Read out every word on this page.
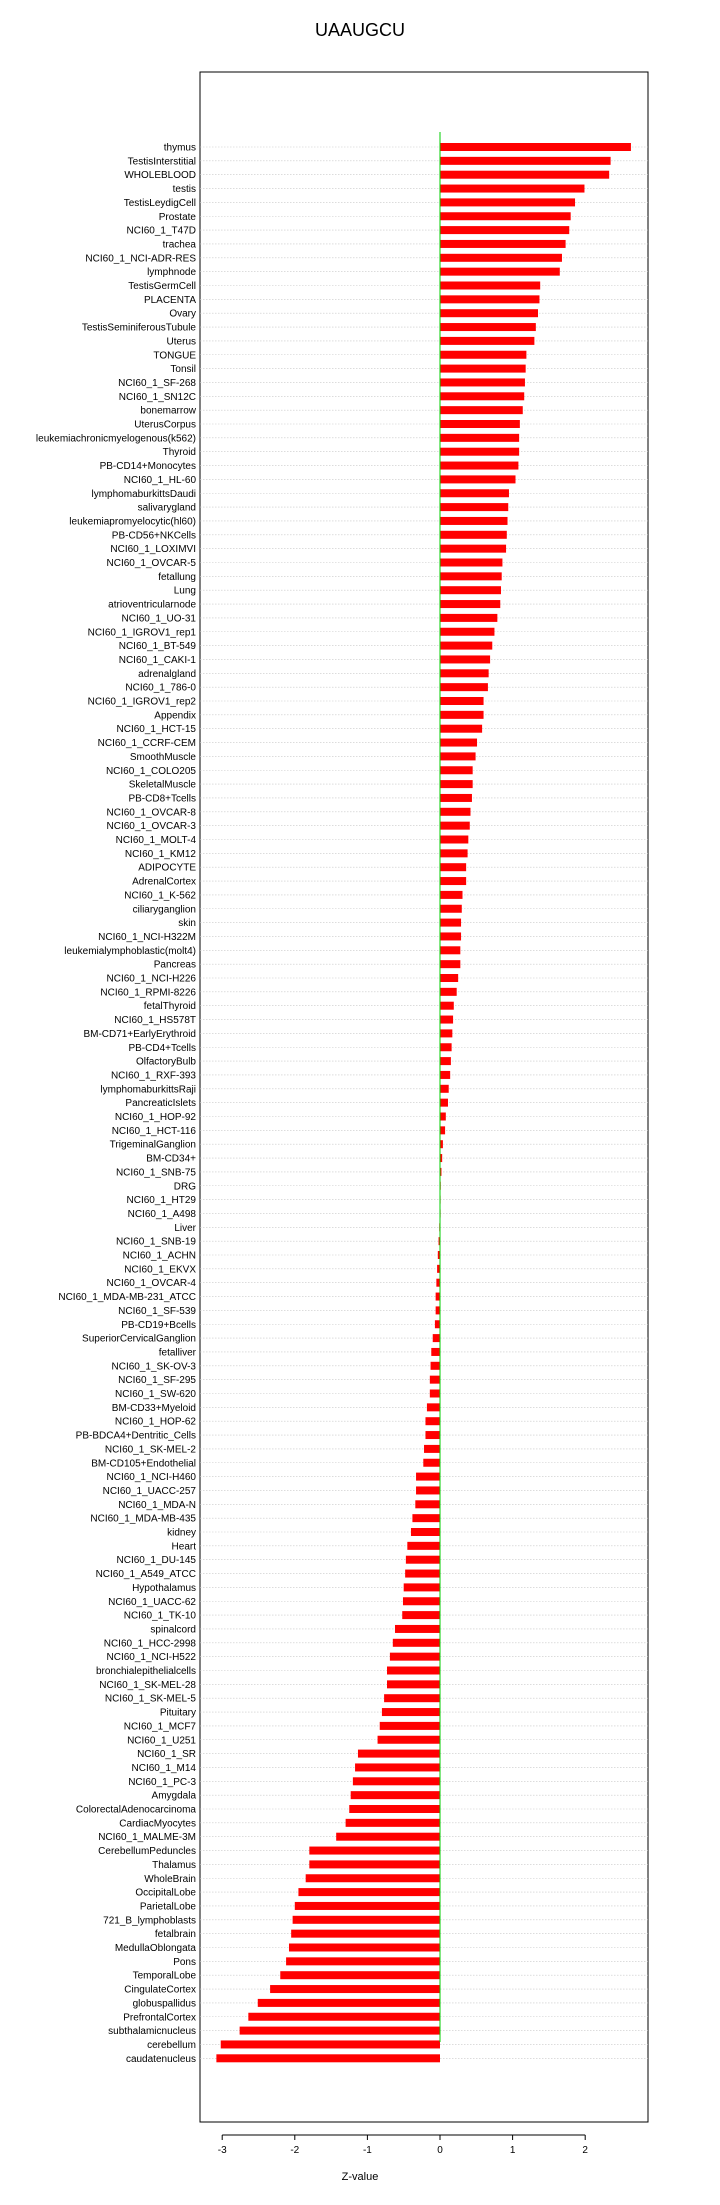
UAAUGCU
thymus
TestisInterstitial
WHOLEBLOOD
testis
TestisLeydigCell
Prostate
NCI60_1_T47D
trachea
NCI60_1_NCI-ADR-RES
lymphnode
TestisGermCell
PLACENTA
Ovary
TestisSeminiferousTubule
Uterus
TONGUE
Tonsil
NCI60_1_SF-268
NCI60_1_SN12C
bonemarrow
UterusCorpus
leukemiachronicmyelogenous(k562)
Thyroid
PB-CD14+Monocytes
NCI60_1_HL-60
lymphomaburkittsDaudi
salivarygland
leukemiapromyelocytic(hl60)
PB-CD56+NKCells
NCI60_1_LOXIMVI
NCI60_1_OVCAR-5
fetallung
Lung
atrioventricularnode
NCI60_1_UO-31
NCI60_1_IGROV1_rep1
NCI60_1_BT-549
NCI60_1_CAKI-1
adrenalgland
NCI60_1_786-0
NCI60_1_IGROV1_rep2
Appendix
NCI60_1_HCT-15
NCI60_1_CCRF-CEM
SmoothMuscle
NCI60_1_COLO205
SkeletalMuscle
PB-CD8+Tcells
NCI60_1_OVCAR-8
NCI60_1_OVCAR-3
NCI60_1_MOLT-4
NCI60_1_KM12
ADIPOCYTE
AdrenalCortex
NCI60_1_K-562
ciliaryganglion
skin
NCI60_1_NCI-H322M
leukemialymphoblastic(molt4)
Pancreas
NCI60_1_NCI-H226
NCI60_1_RPMI-8226
fetalThyroid
NCI60_1_HS578T
BM-CD71+EarlyErythroid
PB-CD4+Tcells
OlfactoryBulb
NCI60_1_RXF-393
lymphomaburkittsRaji
PancreaticIslets
NCI60_1_HOP-92
NCI60_1_HCT-116
TrigeminalGanglion
BM-CD34+
NCI60_1_SNB-75
DRG
NCI60_1_HT29
NCI60_1_A498
Liver
NCI60_1_SNB-19
NCI60_1_ACHN
NCI60_1_EKVX
NCI60_1_OVCAR-4
NCI60_1_MDA-MB-231_ATCC
NCI60_1_SF-539
PB-CD19+Bcells
SuperiorCervicalGanglion
fetalliver
NCI60_1_SK-OV-3
NCI60_1_SF-295
NCI60_1_SW-620
BM-CD33+Myeloid
NCI60_1_HOP-62
PB-BDCA4+Dentritic_Cells
NCI60_1_SK-MEL-2
BM-CD105+Endothelial
NCI60_1_NCI-H460
NCI60_1_UACC-257
NCI60_1_MDA-N
NCI60_1_MDA-MB-435
kidney
Heart
NCI60_1_DU-145
NCI60_1_A549_ATCC
Hypothalamus
NCI60_1_UACC-62
NCI60_1_TK-10
spinalcord
NCI60_1_HCC-2998
NCI60_1_NCI-H522
bronchialepithelialcells
NCI60_1_SK-MEL-28
NCI60_1_SK-MEL-5
Pituitary
NCI60_1_MCF7
NCI60_1_U251
NCI60_1_SR
NCI60_1_M14
NCI60_1_PC-3
Amygdala
ColorectalAdenocarcinoma
CardiacMyocytes
NCI60_1_MALME-3M
CerebellumPeduncles
Thalamus
WholeBrain
OccipitalLobe
ParietalLobe
721_B_lymphoblasts
fetalbrain
MedullaOblongata
Pons
TemporalLobe
CingulateCortex
globuspallidus
PrefrontalCortex
subthalamicnucleus
cerebellum
caudatenucleus
-3	-2	-1	0	1	2
Z-value
